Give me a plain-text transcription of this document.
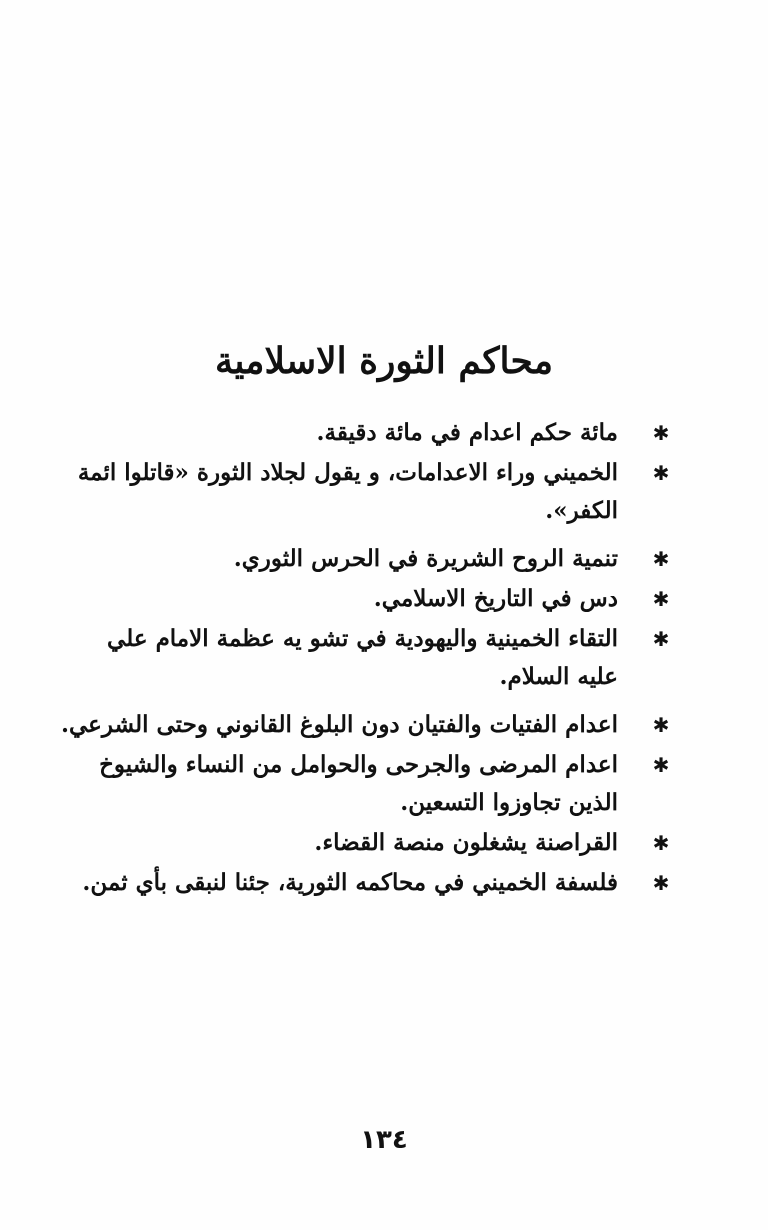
محاكم الثورة الاسلامية
✱
مائة حكم اعدام في مائة دقيقة.
✱
الخميني وراء الاعدامات، و يقول لجلاد الثورة «قاتلوا ائمة الكفر».
✱
تنمية الروح الشريرة في الحرس الثوري.
✱
دس في التاريخ الاسلامي.
✱
التقاء الخمينية واليهودية في تشو يه عظمة الامام علي عليه السلام.
✱
اعدام الفتيات والفتيان دون البلوغ القانوني وحتى الشرعي.
✱
اعدام المرضى والجرحى والحوامل من النساء والشيوخ الذين تجاوزوا التسعين.
✱
القراصنة يشغلون منصة القضاء.
✱
فلسفة الخميني في محاكمه الثورية، جئنا لنبقى بأي ثمن.
١٣٤
